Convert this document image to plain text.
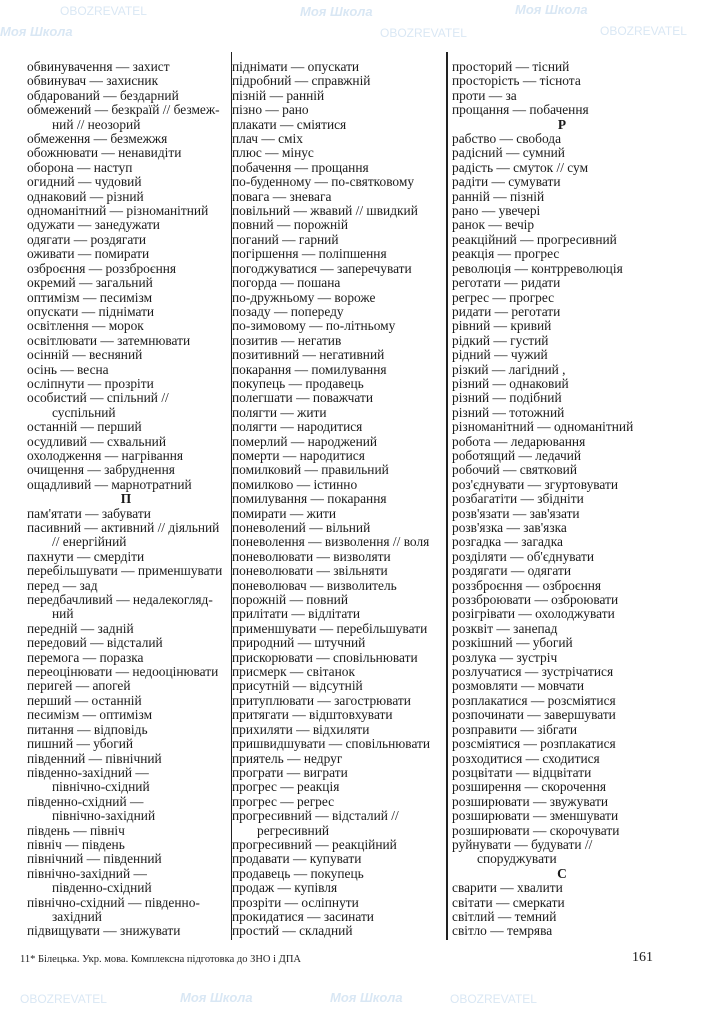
Моя Школа
OBOZREVATEL
Моя Школа
OBOZREVATEL	Моя Школа
OBOZREVATEL
Моя Школа
OBOZREVATEL	Моя Школа	OBOZREVATEL
обвинувачення — захист
обвинувач — захисник
обдарований — бездарний
обмежений — безкраїй // безмеж-
ний // неозорий
обмеження — безмежжя
обожнювати — ненавидіти
оборона — наступ
огидний — чудовий
однаковий — різний
одноманітний — різноманітний
одужати — занедужати
одягати — роздягати
оживати — помирати
озброєння — роззброєння
окремий — загальний
оптимізм — песимізм
опускати — піднімати
освітлення — морок
освітлювати — затемнювати
осінній — весняний
осінь — весна
осліпнути — прозріти
особистий — спільний //
суспільний
останній — перший
осудливий — схвальний
охолодження — нагрівання
очищення — забруднення
ощадливий — марнотратний
П
пам'ятати — забувати
пасивний — активний // діяльний
// енергійний
пахнути — смердіти
перебільшувати — применшувати
перед — зад
передбачливий — недалекогляд-
ний
передній — задній
передовий — відсталий
перемога — поразка
переоцінювати — недооцінювати
перигей — апогей
перший — останній
песимізм — оптимізм
питання — відповідь
пишний — убогий
південний — північний
південно-західний —
північно-східний
південно-східний —
північно-західний
південь — північ
північ — південь
північний — південний
північно-західний —
південно-східний
північно-східний — південно-
західний
підвищувати — знижувати
піднімати — опускати
підробний — справжній
пізній — ранній
пізно — рано
плакати — сміятися
плач — сміх
плюс — мінус
побачення — прощання
по-буденному — по-святковому
повага — зневага
повільний — жвавий // швидкий
повний — порожній
поганий — гарний
погіршення — поліпшення
погоджуватися — заперечувати
погорда — пошана
по-дружньому — вороже
позаду — попереду
по-зимовому — по-літньому
позитив — негатив
позитивний — негативний
покарання — помилування
покупець — продавець
полегшати — поважчати
полягти — жити
полягти — народитися
померлий — народжений
померти — народитися
помилковий — правильний
помилково — істинно
помилування — покарання
помирати — жити
поневолений — вільний
поневолення — визволення // воля
поневолювати — визволяти
поневолювати — звільняти
поневолювач — визволитель
порожній — повний
прилітати — відлітати
применшувати — перебільшувати
природний — штучний
прискорювати — сповільнювати
присмерк — світанок
присутній — відсутній
притуплювати — загострювати
притягати — відштовхувати
прихиляти — відхиляти
пришвидшувати — сповільнювати
приятель — недруг
програти — виграти
прогрес — реакція
прогрес — регрес
прогресивний — відсталий //
регресивний
прогресивний — реакційний
продавати — купувати
продавець — покупець
продаж — купівля
прозріти — осліпнути
прокидатися — засинати
простий — складний
просторий — тісний
просторість — тіснота
проти — за
прощання — побачення
Р
рабство — свобода
радісний — сумний
радість — смуток // сум
радіти — сумувати
ранній — пізній
рано — увечері
ранок — вечір
реакційний — прогресивний
реакція — прогрес
революція — контрреволюція
реготати — ридати
регрес — прогрес
ридати — реготати
рівний — кривий
рідкий — густий
рідний — чужий
різкий — лагідний ,
різний — однаковий
різний — подібний
різний — тотожний
різноманітний — одноманітний
робота — ледарювання
роботящий — ледачий
робочий — святковий
роз'єднувати — згуртовувати
розбагатіти — збідніти
розв'язати — зав'язати
розв'язка — зав'язка
розгадка — загадка
розділяти — об'єднувати
роздягати — одягати
роззброєння — озброєння
роззброювати — озброювати
розігрівати — охолоджувати
розквіт — занепад
розкішний — убогий
розлука — зустріч
розлучатися — зустрічатися
розмовляти — мовчати
розплакатися — розсміятися
розпочинати — завершувати
розправити — зібгати
розсміятися — розплакатися
розходитися — сходитися
розцвітати — відцвітати
розширення — скорочення
розширювати — звужувати
розширювати — зменшувати
розширювати — скорочувати
руйнувати — будувати //
споруджувати
С
сварити — хвалити
світати — смеркати
світлий — темний
світло — темрява
11* Білецька. Укр. мова. Комплексна підготовка до ЗНО і ДПА	161
